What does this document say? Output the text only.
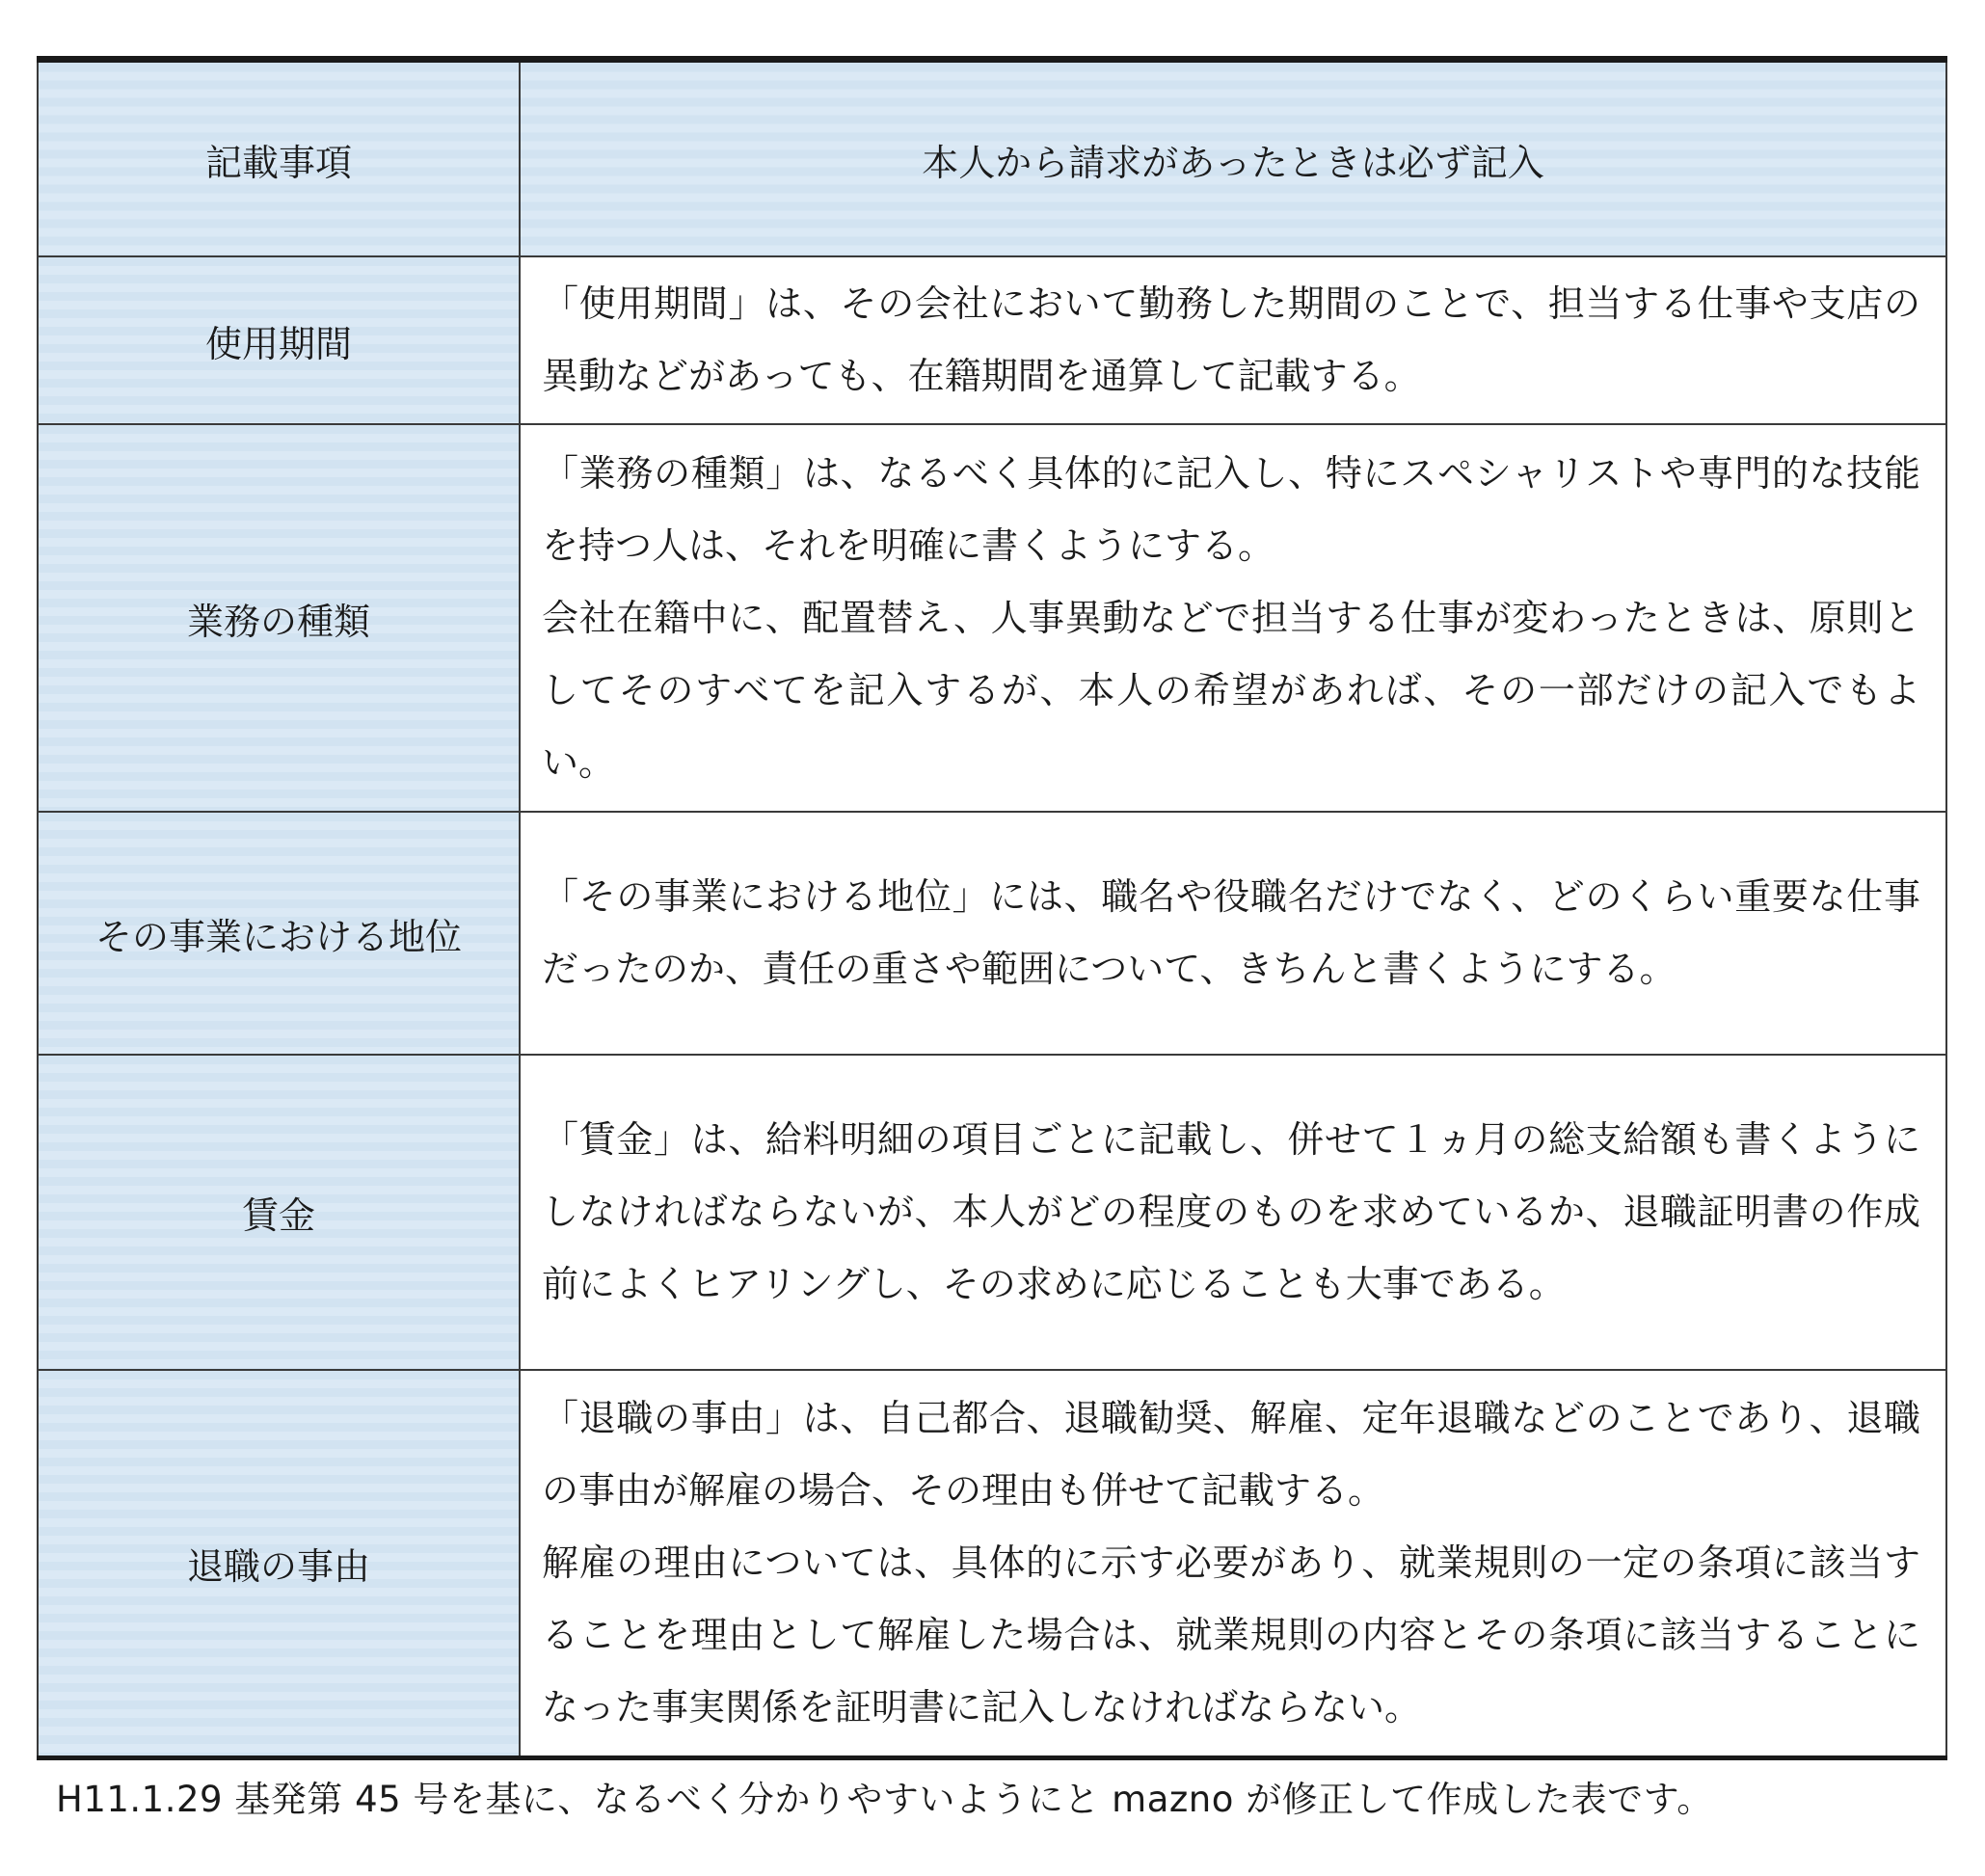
記載事項	本人から請求があったときは必ず記入
使用期間	「使用期間」は、その会社において勤務した期間のことで、担当する仕事や支店の異動などがあっても、在籍期間を通算して記載する。

業務の種類	「業務の種類」は、なるべく具体的に記入し、特にスペシャリストや専門的な技能を持つ人は、それを明確に書くようにする。

会社在籍中に、配置替え、人事異動などで担当する仕事が変わったときは、原則としてそのすべてを記入するが、本人の希望があれば、その一部だけの記入でもよい。

その事業における地位	「その事業における地位」には、職名や役職名だけでなく、どのくらい重要な仕事だったのか、責任の重さや範囲について、きちんと書くようにする。

賃金	「賃金」は、給料明細の項目ごとに記載し、併せて１ヵ月の総支給額も書くようにしなければならないが、本人がどの程度のものを求めているか、退職証明書の作成前によくヒアリングし、その求めに応じることも大事である。

退職の事由	「退職の事由」は、自己都合、退職勧奨、解雇、定年退職などのことであり、退職の事由が解雇の場合、その理由も併せて記載する。

解雇の理由については、具体的に示す必要があり、就業規則の一定の条項に該当することを理由として解雇した場合は、就業規則の内容とその条項に該当することになった事実関係を証明書に記入しなければならない。

H11.1.29 基発第 45 号を基に、なるべく分かりやすいようにと mazno が修正して作成した表です。
